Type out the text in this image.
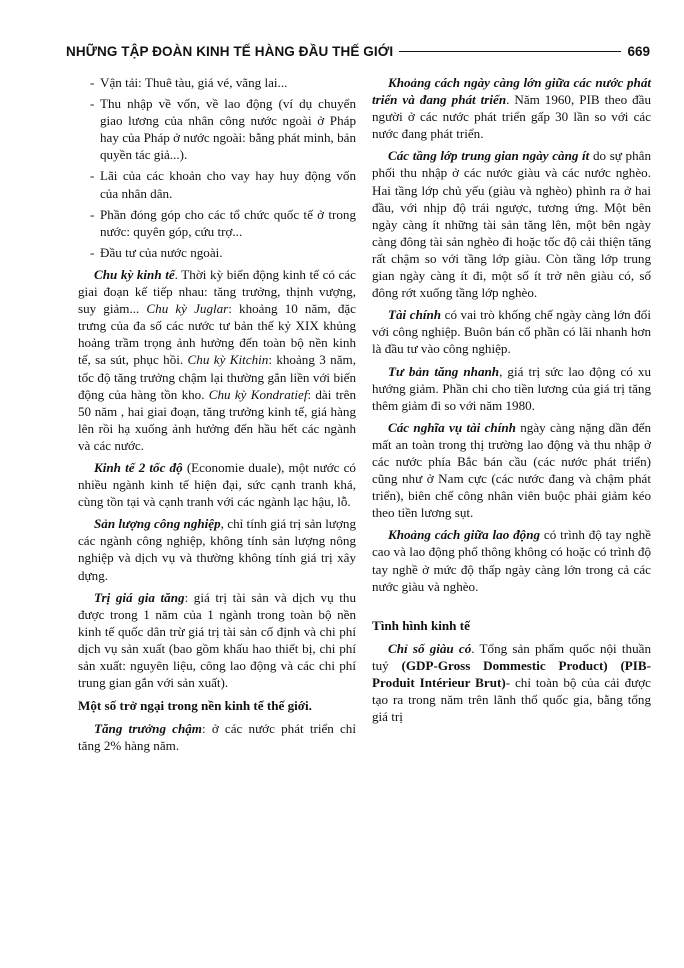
NHỮNG TẬP ĐOÀN KINH TẾ HÀNG ĐẦU THẾ GIỚI	669
- Vận tải: Thuê tàu, giá vé, vãng lai...
- Thu nhập về vốn, về lao động (ví dụ chuyển giao lương của nhân công nước ngoài ở Pháp hay của Pháp ở nước ngoài: bằng phát minh, bản quyền tác giả...).
- Lãi của các khoản cho vay hay huy động vốn của nhân dân.
- Phần đóng góp cho các tổ chức quốc tế ở trong nước: quyên góp, cứu trợ...
- Đầu tư của nước ngoài.

Chu kỳ kinh tế. Thời kỳ biến động kinh tế có các giai đoạn kế tiếp nhau: tăng trưởng, thịnh vượng, suy giảm... Chu kỳ Juglar: khoảng 10 năm, đặc trưng của đa số các nước tư bản thế kỷ XIX khủng hoảng trầm trọng ảnh hưởng đến toàn bộ nền kinh tế, sa sút, phục hồi. Chu kỳ Kitchin: khoảng 3 năm, tốc độ tăng trưởng chậm lại thường gắn liền với biến động của hàng tồn kho. Chu kỳ Kondratief: dài trên 50 năm , hai giai đoạn, tăng trưởng kinh tế, giá hàng lên rồi hạ xuống ảnh hưởng đến hầu hết các ngành và các nước.

Kinh tế 2 tốc độ (Economie duale), một nước có nhiều ngành kinh tế hiện đại, sức cạnh tranh khá, cùng tồn tại và cạnh tranh với các ngành lạc hậu, lỗ.

Sản lượng công nghiệp, chỉ tính giá trị sản lượng các ngành công nghiệp, không tính sản lượng nông nghiệp và dịch vụ và thường không tính giá trị xây dựng.

Trị giá gia tăng: giá trị tài sản và dịch vụ thu được trong 1 năm của 1 ngành trong toàn bộ nền kinh tế quốc dân trừ giá trị tài sản cố định và chi phí dịch vụ sản xuất (bao gồm khấu hao thiết bị, chi phí sản xuất: nguyên liệu, công lao động và các chi phí trung gian gắn với sản xuất).

Một số trở ngại trong nền kinh tế thế giới.

Tăng trưởng chậm: ở các nước phát triển chỉ tăng 2% hàng năm.

Khoảng cách ngày càng lớn giữa các nước phát triển và đang phát triển. Năm 1960, PIB theo đầu người ở các nước phát triển gấp 30 lần so với các nước đang phát triển.

Các tầng lớp trung gian ngày càng ít do sự phân phối thu nhập ở các nước giàu và các nước nghèo. Hai tầng lớp chủ yếu (giàu và nghèo) phình ra ở hai đầu, với nhịp độ trái ngược, tương ứng. Một bên ngày càng ít những tài sản tăng lên, một bên ngày càng đông tài sản nghèo đi hoặc tốc độ cải thiện tăng rất chậm so với tầng lớp giàu. Còn tầng lớp trung gian ngày càng ít đi, một số ít trở nên giàu có, số đông rớt xuống tầng lớp nghèo.

Tài chính có vai trò khống chế ngày càng lớn đối với công nghiệp. Buôn bán cổ phần có lãi nhanh hơn là đầu tư vào công nghiệp.

Tư bản tăng nhanh, giá trị sức lao động có xu hướng giảm. Phần chi cho tiền lương của giá trị tăng thêm giảm đi so với năm 1980.

Các nghĩa vụ tài chính ngày càng nặng dần đến mất an toàn trong thị trường lao động và thu nhập ở các nước phía Bắc bán cầu (các nước phát triển) cũng như ở Nam cực (các nước đang và chậm phát triển), biên chế công nhân viên buộc phải giảm kéo theo tiền lương sụt.

Khoảng cách giữa lao động có trình độ tay nghề cao và lao động phổ thông không có hoặc có trình độ tay nghề ở mức độ thấp ngày càng lớn trong cả các nước giàu và nghèo.

Tình hình kinh tế

Chỉ số giàu có. Tổng sản phẩm quốc nội thuần tuý (GDP-Gross Dommestic Product) (PIB-Produit Intérieur Brut)- chỉ toàn bộ của cải được tạo ra trong năm trên lãnh thổ quốc gia, bằng tổng giá trị
